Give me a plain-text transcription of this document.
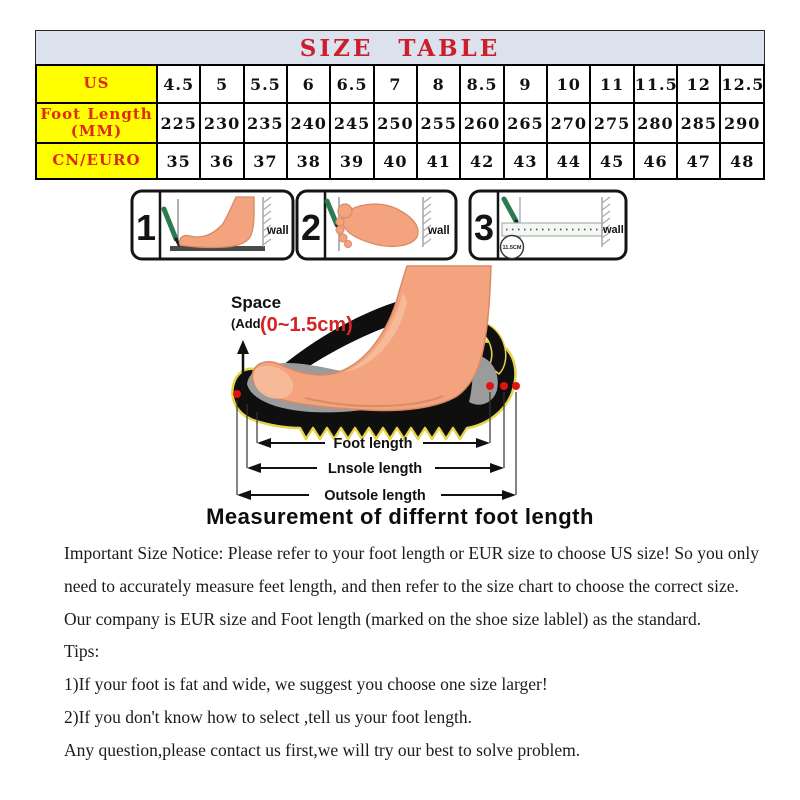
SIZE TABLE
US	4.5	5	5.5	6	6.5	7	8	8.5	9	10	11	11.5	12	12.5

Foot Length
(MM)	225	230	235	240	245	250	255	260	265	270	275	280	285	290

CN/EURO	35	36	37	38	39	40	41	42	43	44	45	46	47	48
1	wall 2	wall 3 11.5CM
wall
Space
(Add (0~1.5cm)
Foot length
Lnsole length
Outsole length
Measurement of differnt foot length
Important Size Notice: Please refer to your foot length or EUR size to choose US size! So you only
need to accurately measure feet length, and then refer to the size chart to choose the correct size.
Our company is EUR size and Foot length (marked on the shoe size lablel) as the standard.
Tips:
1)If your foot is fat and wide, we suggest you choose one size larger!
2)If you don't know how to select ,tell us your foot length.
Any question,please contact us first,we will try our best to solve problem.
